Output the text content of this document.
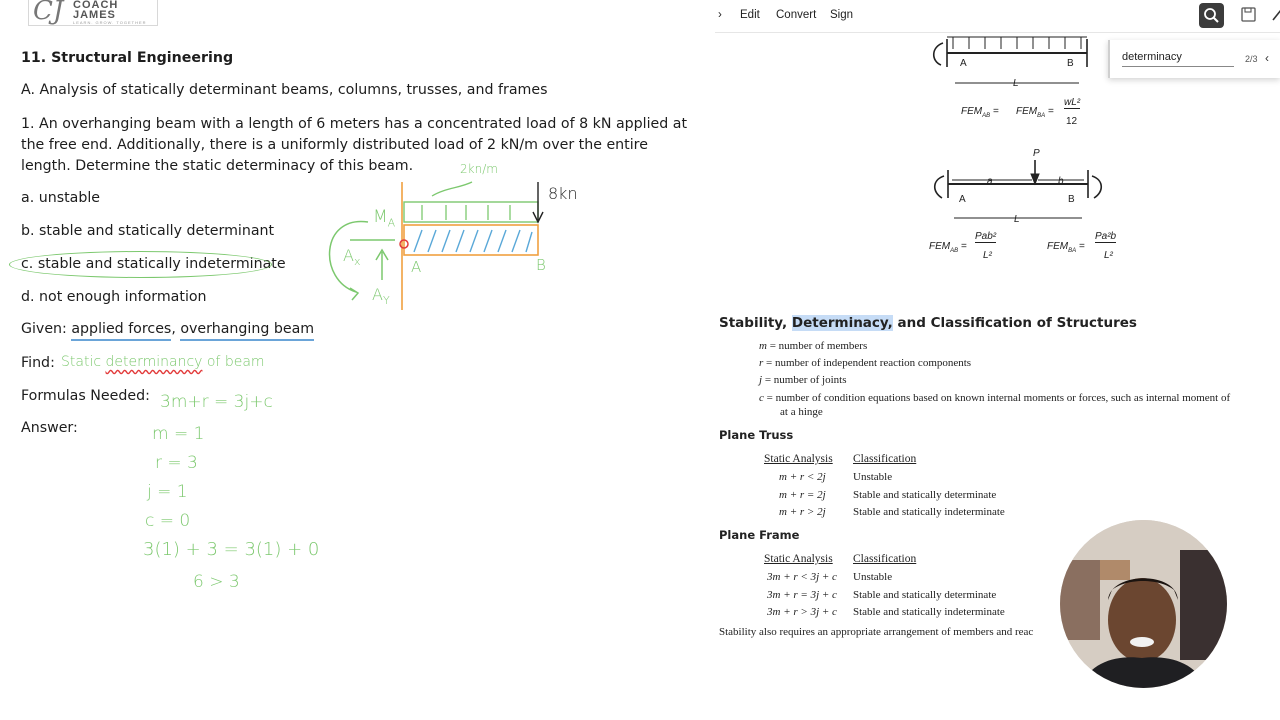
CJ COACH
JAMES
LEARN. GROW. TOGETHER
11. Structural Engineering
A. Analysis of statically determinant beams, columns, trusses, and frames
1. An overhanging beam with a length of 6 meters has a concentrated load of 8 kN applied at the free end. Additionally, there is a uniformly distributed load of 2 kN/m over the entire length. Determine the static determinacy of this beam.
a. unstable
b. stable and statically determinant
c. stable and statically indeterminate
d. not enough information
Given: applied forces, overhanging beam
Find:
Formulas Needed:
Answer:
Static determinancy of beam
3m+r = 3j+c
m = 1
r = 3
j = 1
c = 0
3(1) + 3 = 3(1) + 0
6 > 3
2kn/m
8kn
$M_A$
$A_x$
$A_Y$
A	B
› Edit Convert Sign
A	B
L
$FEM_{AB} = FEM_{BA}$ =
wL²
12
P
a	b
A	B
L
$FEM_{AB}$ =
Pab²
L²
$FEM_{BA}$ =
Pa²b
L²
Stability, Determinacy, and Classification of Structures
m = number of members
r = number of independent reaction components
j = number of joints
c = number of condition equations based on known internal moments or forces, such as internal moment of
at a hinge
Plane Truss
Static Analysis Classification
m + r < 2j Unstable
m + r = 2j Stable and statically determinate
m + r > 2j Stable and statically indeterminate
Plane Frame
Static Analysis Classification
3m + r < 3j + c Unstable
3m + r = 3j + c Stable and statically determinate
3m + r > 3j + c Stable and statically indeterminate
Stability also requires an appropriate arrangement of members and reac
determinacy	2/3 ‹
